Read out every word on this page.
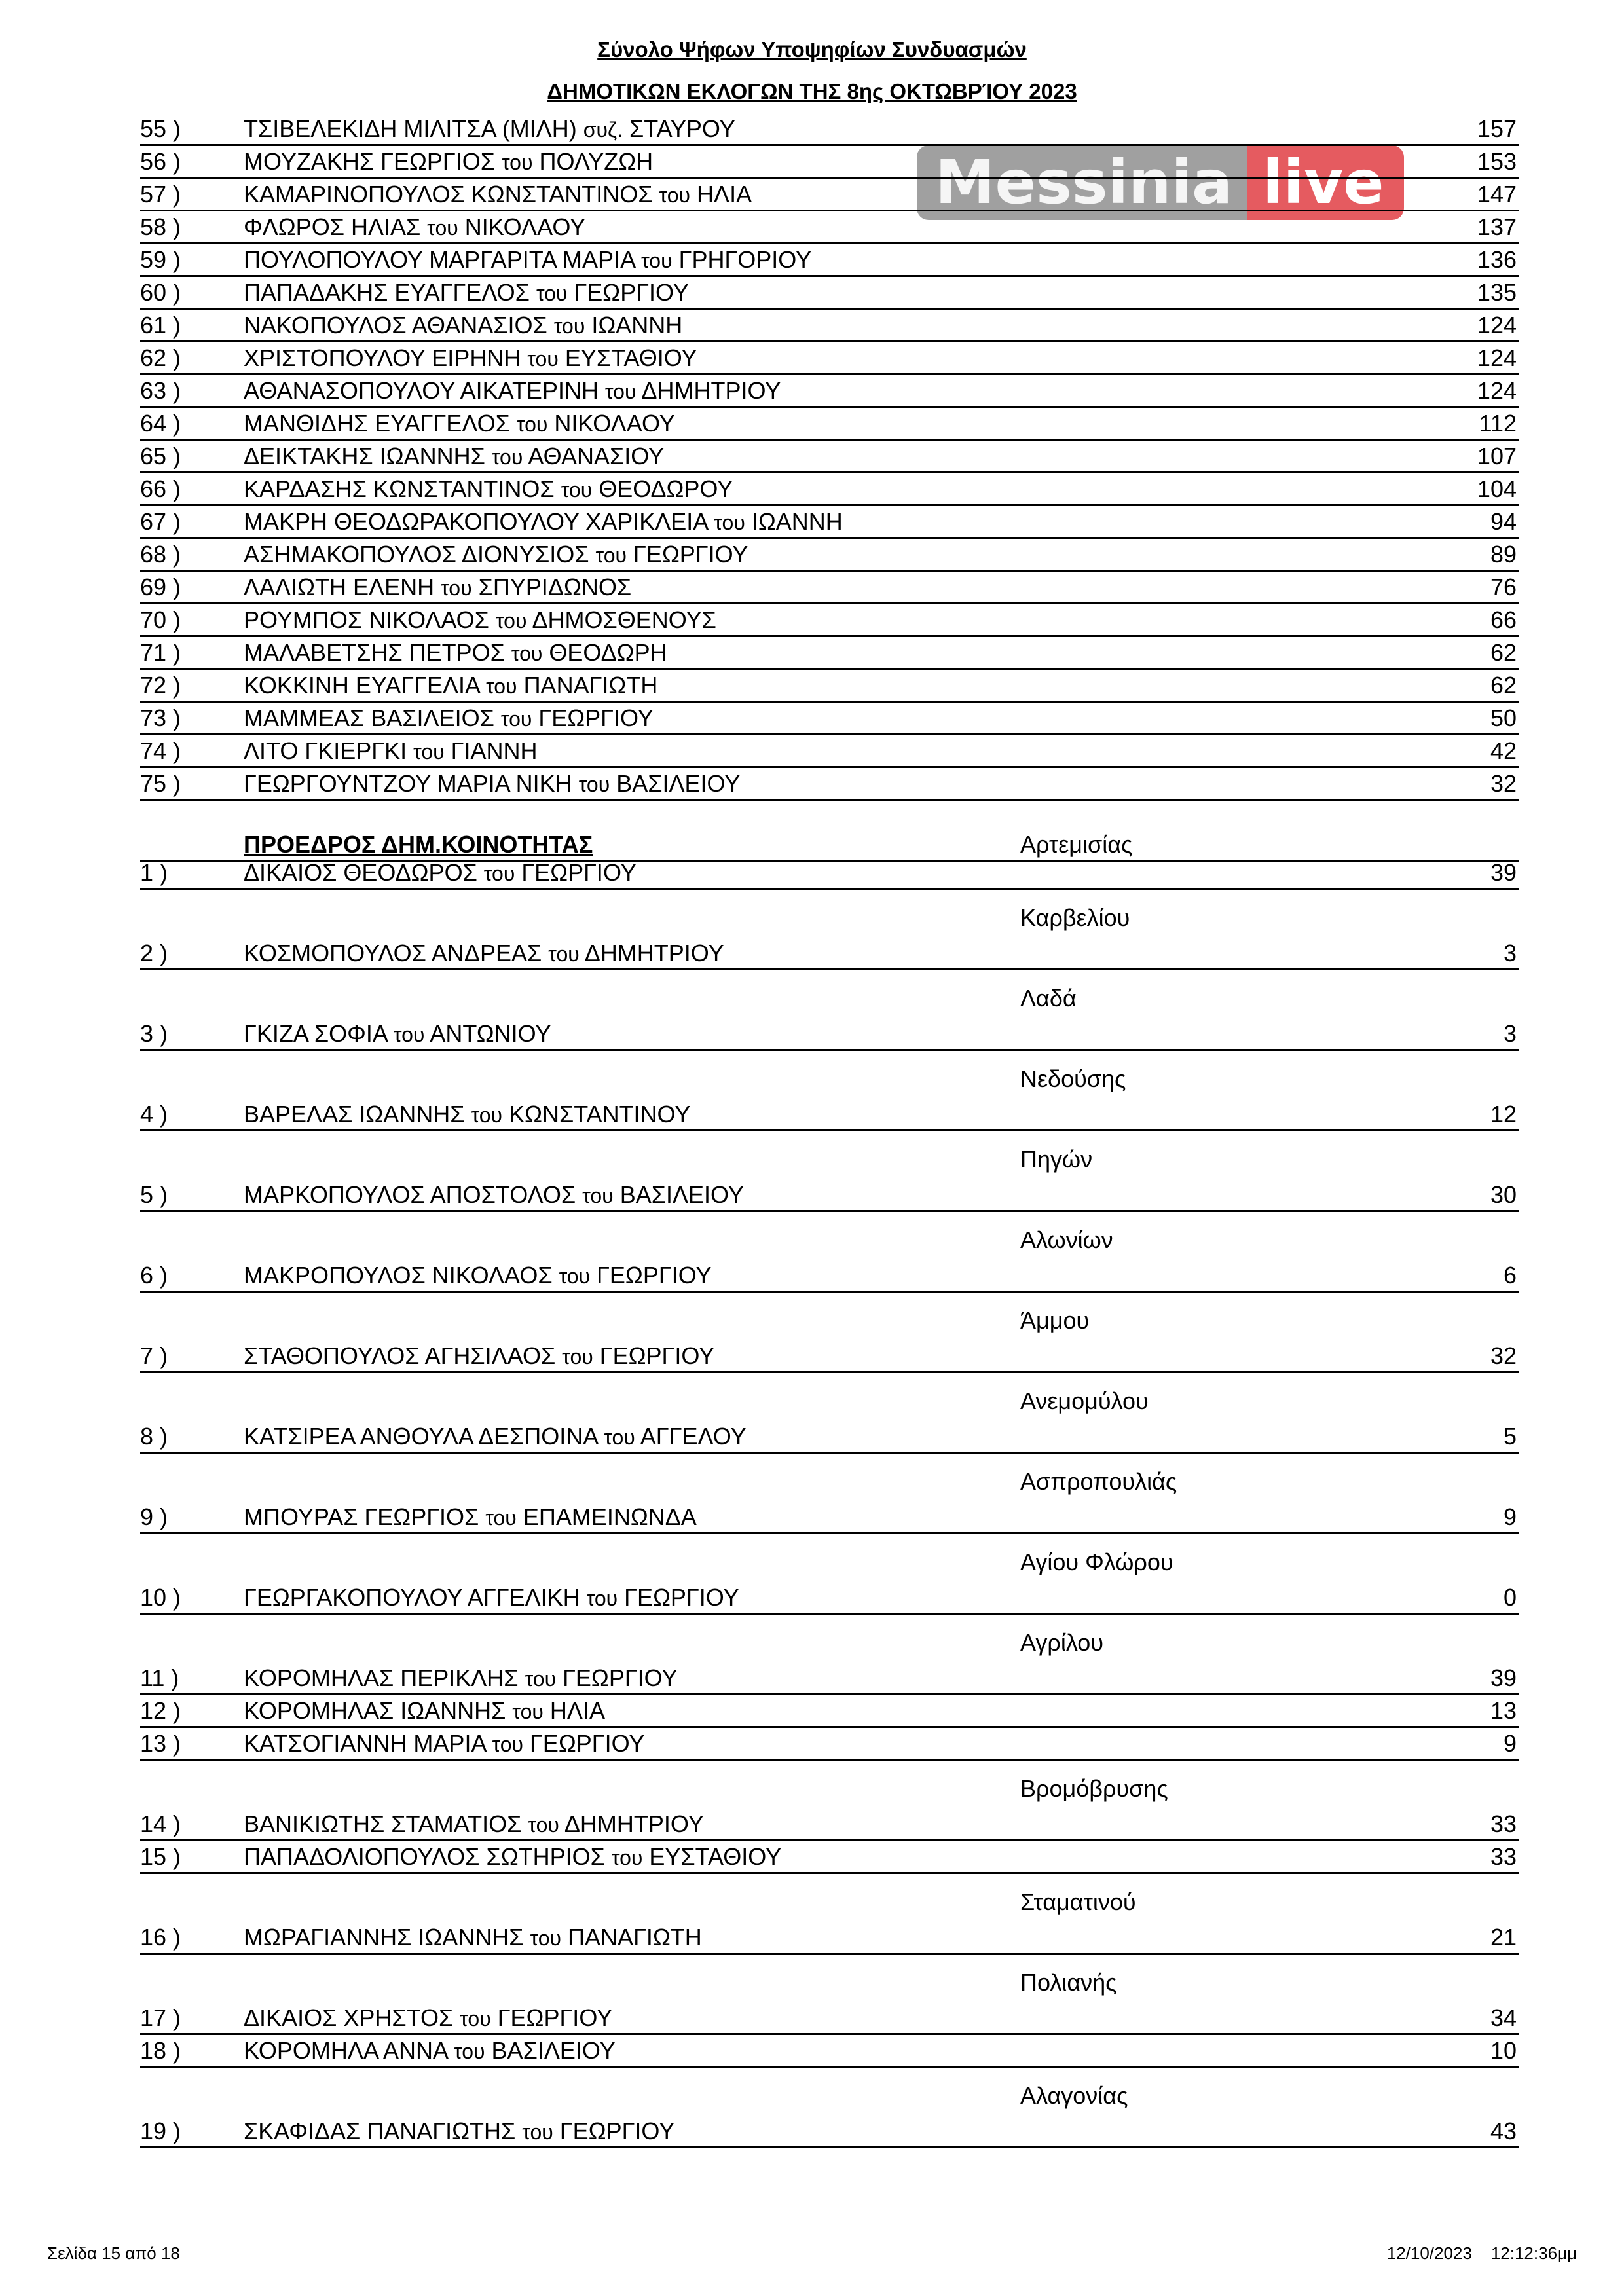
Σύνολο Ψήφων Υποψηφίων Συνδυασμών
ΔΗΜΟΤΙΚΩΝ ΕΚΛΟΓΩΝ ΤΗΣ 8ης ΟΚΤΩΒΡΊΟΥ 2023
Messinia live
55 )	ΤΣΙΒΕΛΕΚΙΔΗ ΜΙΛΙΤΣΑ (ΜΙΛΗ) συζ. ΣΤΑΥΡΟΥ	157
56 )	ΜΟΥΖΑΚΗΣ ΓΕΩΡΓΙΟΣ του ΠΟΛΥΖΩΗ	153
57 )	ΚΑΜΑΡΙΝΟΠΟΥΛΟΣ ΚΩΝΣΤΑΝΤΙΝΟΣ του ΗΛΙΑ	147
58 )	ΦΛΩΡΟΣ ΗΛΙΑΣ του ΝΙΚΟΛΑΟΥ	137
59 )	ΠΟΥΛΟΠΟΥΛΟΥ ΜΑΡΓΑΡΙΤΑ ΜΑΡΙΑ του ΓΡΗΓΟΡΙΟΥ	136
60 )	ΠΑΠΑΔΑΚΗΣ ΕΥΑΓΓΕΛΟΣ του ΓΕΩΡΓΙΟΥ	135
61 )	ΝΑΚΟΠΟΥΛΟΣ ΑΘΑΝΑΣΙΟΣ του ΙΩΑΝΝΗ	124
62 )	ΧΡΙΣΤΟΠΟΥΛΟΥ ΕΙΡΗΝΗ του ΕΥΣΤΑΘΙΟΥ	124
63 )	ΑΘΑΝΑΣΟΠΟΥΛΟΥ ΑΙΚΑΤΕΡΙΝΗ του ΔΗΜΗΤΡΙΟΥ	124
64 )	ΜΑΝΘΙΔΗΣ ΕΥΑΓΓΕΛΟΣ του ΝΙΚΟΛΑΟΥ	112
65 )	ΔΕΙΚΤΑΚΗΣ ΙΩΑΝΝΗΣ του ΑΘΑΝΑΣΙΟΥ	107
66 )	ΚΑΡΔΑΣΗΣ ΚΩΝΣΤΑΝΤΙΝΟΣ του ΘΕΟΔΩΡΟΥ	104
67 )	ΜΑΚΡΗ ΘΕΟΔΩΡΑΚΟΠΟΥΛΟΥ ΧΑΡΙΚΛΕΙΑ του ΙΩΑΝΝΗ	94
68 )	ΑΣΗΜΑΚΟΠΟΥΛΟΣ ΔΙΟΝΥΣΙΟΣ του ΓΕΩΡΓΙΟΥ	89
69 )	ΛΑΛΙΩΤΗ ΕΛΕΝΗ του ΣΠΥΡΙΔΩΝΟΣ	76
70 )	ΡΟΥΜΠΟΣ ΝΙΚΟΛΑΟΣ του ΔΗΜΟΣΘΕΝΟΥΣ	66
71 )	ΜΑΛΑΒΕΤΣΗΣ ΠΕΤΡΟΣ του ΘΕΟΔΩΡΗ	62
72 )	ΚΟΚΚΙΝΗ ΕΥΑΓΓΕΛΙΑ του ΠΑΝΑΓΙΩΤΗ	62
73 )	ΜΑΜΜΕΑΣ ΒΑΣΙΛΕΙΟΣ του ΓΕΩΡΓΙΟΥ	50
74 )	ΛΙΤΟ ΓΚΙΕΡΓΚΙ του ΓΙΑΝΝΗ	42
75 )	ΓΕΩΡΓΟΥΝΤΖΟΥ ΜΑΡΙΑ ΝΙΚΗ του ΒΑΣΙΛΕΙΟΥ	32
ΠΡΟΕΔΡΟΣ ΔΗΜ.ΚΟΙΝΟΤΗΤΑΣ	Αρτεμισίας
1 )	ΔΙΚΑΙΟΣ ΘΕΟΔΩΡΟΣ του ΓΕΩΡΓΙΟΥ	39
Καρβελίου
2 )	ΚΟΣΜΟΠΟΥΛΟΣ ΑΝΔΡΕΑΣ του ΔΗΜΗΤΡΙΟΥ	3
Λαδά
3 )	ΓΚΙΖΑ ΣΟΦΙΑ του ΑΝΤΩΝΙΟΥ	3
Νεδούσης
4 )	ΒΑΡΕΛΑΣ ΙΩΑΝΝΗΣ του ΚΩΝΣΤΑΝΤΙΝΟΥ	12
Πηγών
5 )	ΜΑΡΚΟΠΟΥΛΟΣ ΑΠΟΣΤΟΛΟΣ του ΒΑΣΙΛΕΙΟΥ	30
Αλωνίων
6 )	ΜΑΚΡΟΠΟΥΛΟΣ ΝΙΚΟΛΑΟΣ του ΓΕΩΡΓΙΟΥ	6
Άμμου
7 )	ΣΤΑΘΟΠΟΥΛΟΣ ΑΓΗΣΙΛΑΟΣ του ΓΕΩΡΓΙΟΥ	32
Ανεμομύλου
8 )	ΚΑΤΣΙΡΕΑ ΑΝΘΟΥΛΑ ΔΕΣΠΟΙΝΑ του ΑΓΓΕΛΟΥ	5
Ασπροπουλιάς
9 )	ΜΠΟΥΡΑΣ ΓΕΩΡΓΙΟΣ του ΕΠΑΜΕΙΝΩΝΔΑ	9
Αγίου Φλώρου
10 )	ΓΕΩΡΓΑΚΟΠΟΥΛΟΥ ΑΓΓΕΛΙΚΗ του ΓΕΩΡΓΙΟΥ	0
Αγρίλου
11 )	ΚΟΡΟΜΗΛΑΣ ΠΕΡΙΚΛΗΣ του ΓΕΩΡΓΙΟΥ	39
12 )	ΚΟΡΟΜΗΛΑΣ ΙΩΑΝΝΗΣ του ΗΛΙΑ	13
13 )	ΚΑΤΣΟΓΙΑΝΝΗ ΜΑΡΙΑ του ΓΕΩΡΓΙΟΥ	9
Βρομόβρυσης
14 )	ΒΑΝΙΚΙΩΤΗΣ ΣΤΑΜΑΤΙΟΣ του ΔΗΜΗΤΡΙΟΥ	33
15 )	ΠΑΠΑΔΟΛΙΟΠΟΥΛΟΣ ΣΩΤΗΡΙΟΣ του ΕΥΣΤΑΘΙΟΥ	33
Σταματινού
16 )	ΜΩΡΑΓΙΑΝΝΗΣ ΙΩΑΝΝΗΣ του ΠΑΝΑΓΙΩΤΗ	21
Πολιανής
17 )	ΔΙΚΑΙΟΣ ΧΡΗΣΤΟΣ του ΓΕΩΡΓΙΟΥ	34
18 )	ΚΟΡΟΜΗΛΑ ΑΝΝΑ του ΒΑΣΙΛΕΙΟΥ	10
Αλαγονίας
19 )	ΣΚΑΦΙΔΑΣ ΠΑΝΑΓΙΩΤΗΣ του ΓΕΩΡΓΙΟΥ	43
Σελίδα 15 από 18	12/10/2023 12:12:36μμ
